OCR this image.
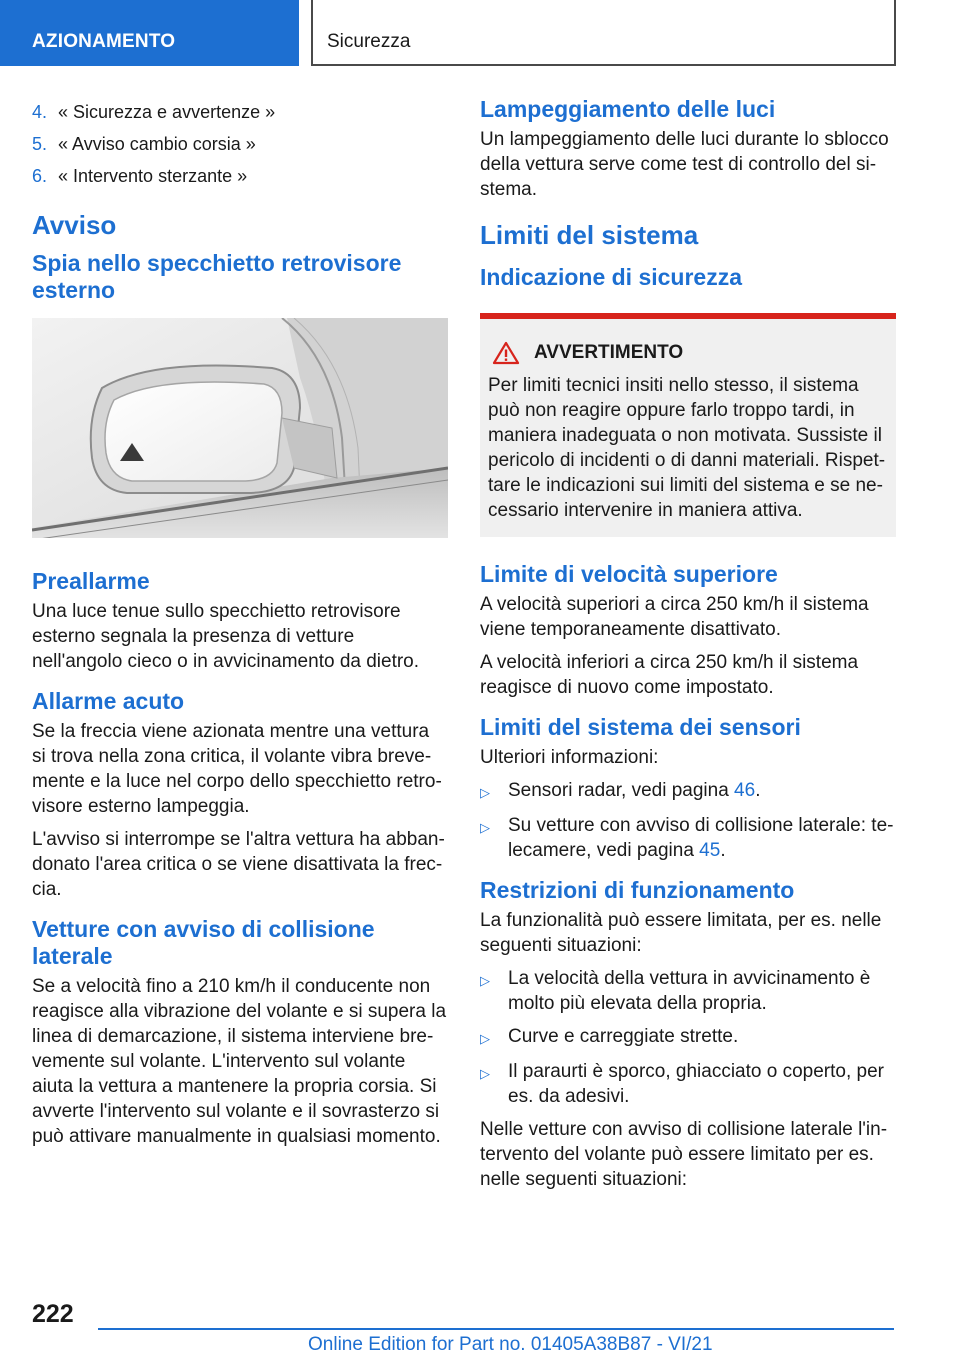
AZIONAMENTO	Sicurezza
4. « Sicurezza e avvertenze »
5. « Avviso cambio corsia »
6. « Intervento sterzante »
Avviso
Spia nello specchietto retrovisore esterno
Preallarme

Una luce tenue sullo specchietto retrovisore esterno segnala la presenza di vetture nell'angolo cieco o in avvicinamento da dietro.

Allarme acuto

Se la freccia viene azionata mentre una vettura si trova nella zona critica, il volante vibra brevemente e la luce nel corpo dello specchietto retrovisore esterno lampeggia.

L'avviso si interrompe se l'altra vettura ha abbandonato l'area critica o se viene disattivata la freccia.

Vetture con avviso di collisione laterale

Se a velocità fino a 210 km/h il conducente non reagisce alla vibrazione del volante e si supera la linea di demarcazione, il sistema interviene brevemente sul volante. L'intervento sul volante aiuta la vettura a mantenere la propria corsia. Si avverte l'intervento sul volante e il sovrasterzo si può attivare manualmente in qualsiasi momento.

Lampeggiamento delle luci

Un lampeggiamento delle luci durante lo sblocco della vettura serve come test di controllo del sistema.

Limiti del sistema
Indicazione di sicurezza
AVVERTIMENTO

Per limiti tecnici insiti nello stesso, il sistema può non reagire oppure farlo troppo tardi, in maniera inadeguata o non motivata. Sussiste il pericolo di incidenti o di danni materiali. Rispettare le indicazioni sui limiti del sistema e se necessario intervenire in maniera attiva.

Limite di velocità superiore

A velocità superiori a circa 250 km/h il sistema viene temporaneamente disattivato.

A velocità inferiori a circa 250 km/h il sistema reagisce di nuovo come impostato.

Limiti del sistema dei sensori

Ulteriori informazioni:

▷ Sensori radar, vedi pagina 46.
▷ Su vetture con avviso di collisione laterale: telecamere, vedi pagina 45.
Restrizioni di funzionamento

La funzionalità può essere limitata, per es. nelle seguenti situazioni:

▷ La velocità della vettura in avvicinamento è molto più elevata della propria.
▷ Curve e carreggiate strette.
▷ Il paraurti è sporco, ghiacciato o coperto, per es. da adesivi.

Nelle vetture con avviso di collisione laterale l'intervento del volante può essere limitato per es. nelle seguenti situazioni:

222
Online Edition for Part no. 01405A38B87 - VI/21
